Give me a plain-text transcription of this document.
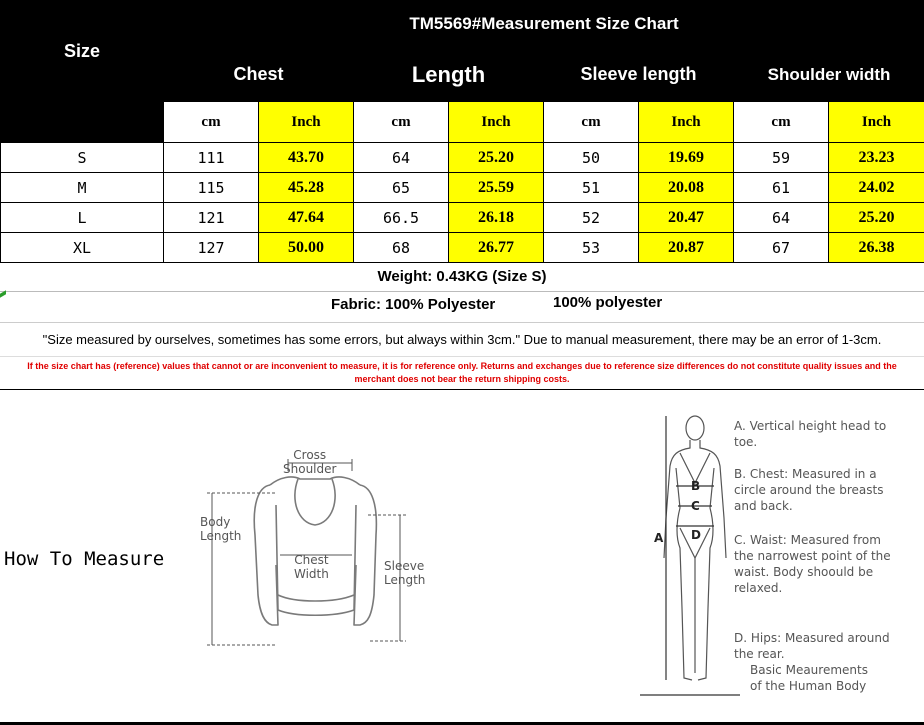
Size	TM5569#Measurement Size Chart							
	Chest		Length		Sleeve length		Shoulder width	
	cm	Inch	cm	Inch	cm	Inch	cm	Inch
S	111	43.70	64	25.20	50	19.69	59	23.23
M	115	45.28	65	25.59	51	20.08	61	24.02
L	121	47.64	66.5	26.18	52	20.47	64	25.20
XL	127	50.00	68	26.77	53	20.87	67	26.38
Weight: 0.43KG (Size S)
Fabric: 100% Polyester	100% polyester
"Size measured by ourselves, sometimes has some errors, but always within 3cm." Due to manual measurement, there may be an error of 1-3cm.
If the size chart has (reference) values that cannot or are inconvenient to measure, it is for reference only. Returns and exchanges due to reference size differences do not constitute quality issues and the merchant does not bear the return shipping costs.
How To Measure
Cross
Shoulder
Body
Length
Chest
Width
Sleeve
Length
B
C
D
A
A. Vertical height head to toe.
B. Chest: Measured in a circle around the breasts and back.
C. Waist: Measured from the narrowest point of the waist. Body shoould be relaxed.
D. Hips: Measured around the rear.
Basic Meaurements of the Human Body
